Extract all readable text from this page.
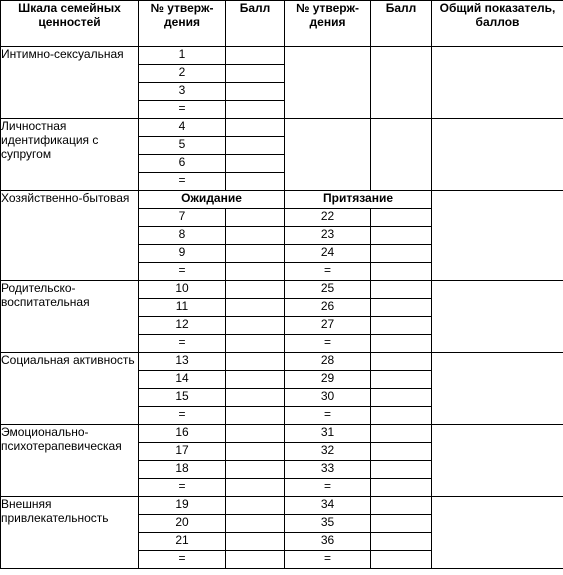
Шкала семейных ценностей	№ утверж-дения	Балл	№ утверж-дения	Балл	Общий показатель, баллов
Интимно-сексуальная	1				
	2				
	3				
	=				
Личностная идентификация с супругом	4				
	5				
	6				
	=				
Хозяйственно-бытовая	Ожидание		Притязание		
	7		22		
	8		23		
	9		24		
	=		=		
Родительско-воспитательная	10		25		
	11		26		
	12		27		
	=		=		
Социальная активность	13		28		
	14		29		
	15		30		
	=		=		
Эмоционально-психотерапевическая	16		31		
	17		32		
	18		33		
	=		=		
Внешняя привлекательность	19		34		
	20		35		
	21		36		
	=		=		
